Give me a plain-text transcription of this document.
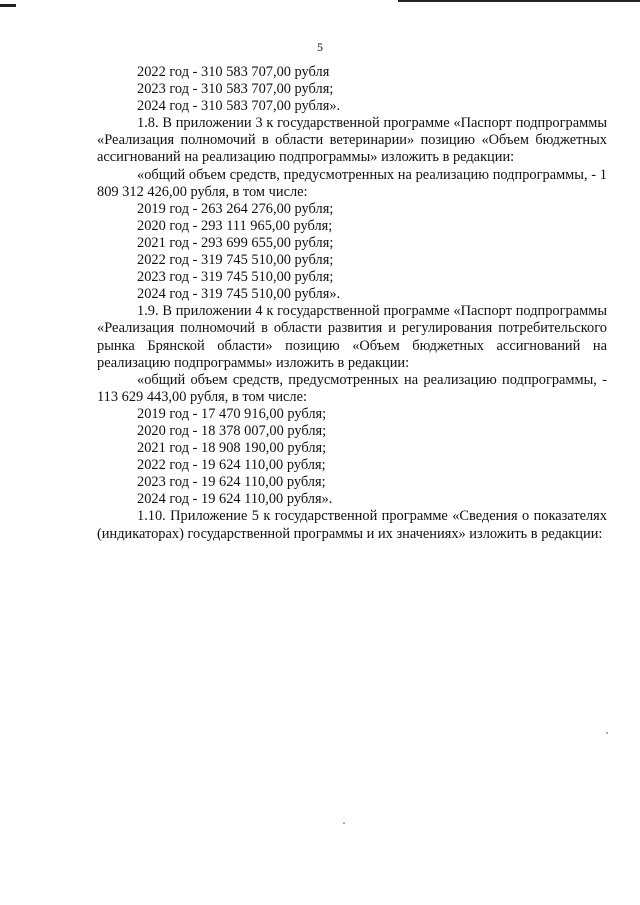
5
2022 год - 310 583 707,00 рубля
2023 год - 310 583 707,00 рубля;
2024 год - 310 583 707,00 рубля».
1.8. В приложении 3 к государственной программе «Паспорт подпрограммы «Реализация полномочий в области ветеринарии» позицию «Объем бюджетных ассигнований на реализацию подпрограммы» изложить в редакции:
«общий объем средств, предусмотренных на реализацию подпрограммы, - 1 809 312 426,00 рубля, в том числе:
2019 год - 263 264 276,00 рубля;
2020 год - 293 111 965,00 рубля;
2021 год - 293 699 655,00 рубля;
2022 год - 319 745 510,00 рубля;
2023 год - 319 745 510,00 рубля;
2024 год - 319 745 510,00 рубля».
1.9. В приложении 4 к государственной программе «Паспорт подпрограммы «Реализация полномочий в области развития и регулирования потребительского рынка Брянской области» позицию «Объем бюджетных ассигнований на реализацию подпрограммы» изложить в редакции:
«общий объем средств, предусмотренных на реализацию подпрограммы, - 113 629 443,00 рубля, в том числе:
2019 год - 17 470 916,00 рубля;
2020 год - 18 378 007,00 рубля;
2021 год - 18 908 190,00 рубля;
2022 год - 19 624 110,00 рубля;
2023 год - 19 624 110,00 рубля;
2024 год - 19 624 110,00 рубля».
1.10. Приложение 5 к государственной программе «Сведения о показателях (индикаторах) государственной программы и их значениях» изложить в редакции:
